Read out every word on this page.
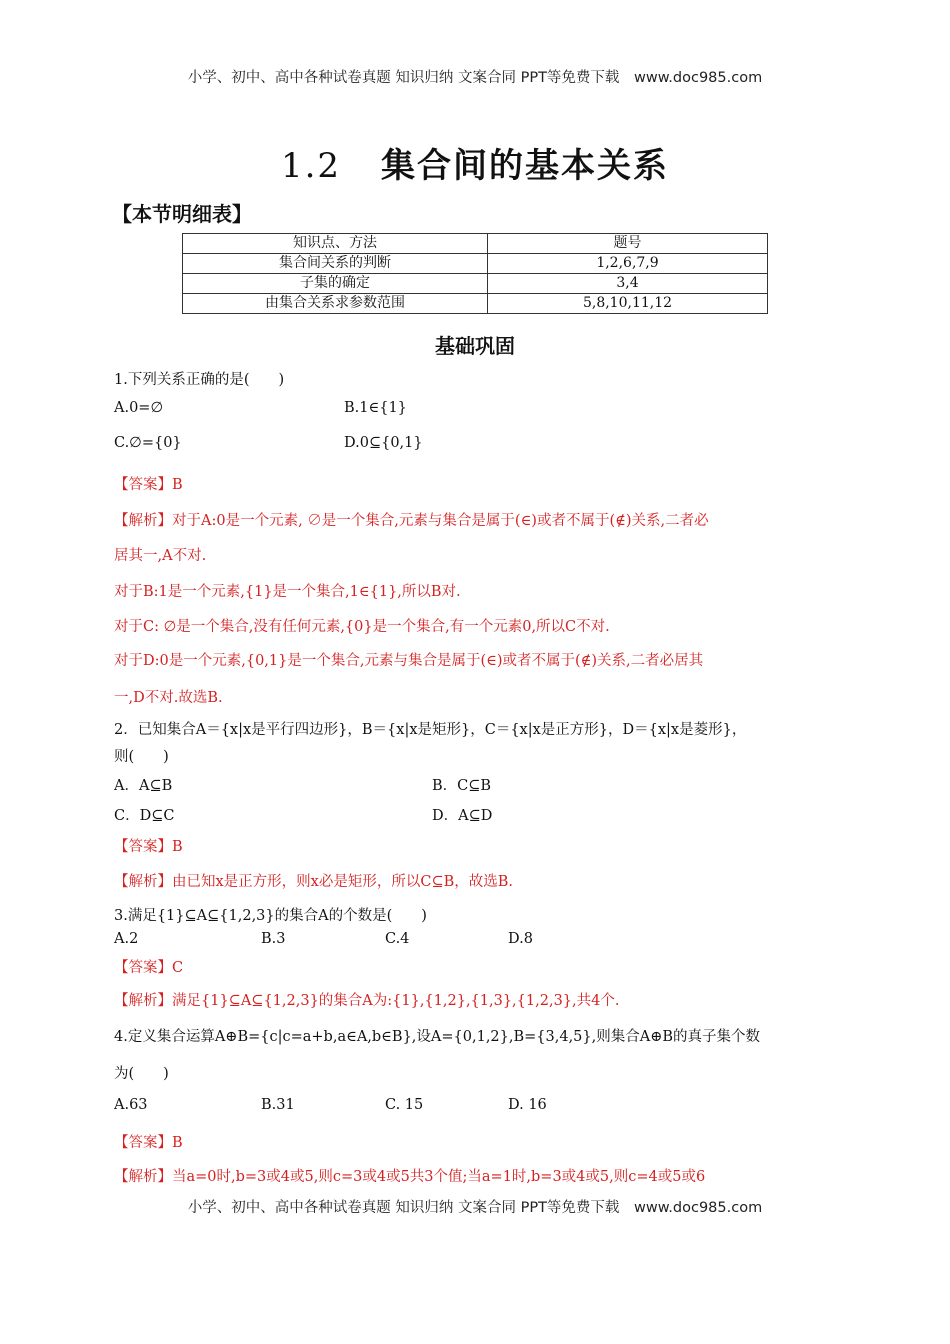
小学、初中、高中各种试卷真题 知识归纳 文案合同 PPT等免费下载 www.doc985.com
1.2 集合间的基本关系
【本节明细表】
知识点、方法	题号
集合间关系的判断	1,2,6,7,9
子集的确定	3,4
由集合关系求参数范围	5,8,10,11,12
基础巩固
1.下列关系正确的是(　　)
A.0=∅	B.1∈{1}
C.∅={0}	D.0⊆{0,1}
【答案】B
【解析】对于A:0是一个元素, ∅是一个集合,元素与集合是属于(∈)或者不属于(∉)关系,二者必
居其一,A不对.
对于B:1是一个元素,{1}是一个集合,1∈{1},所以B对.
对于C: ∅是一个集合,没有任何元素,{0}是一个集合,有一个元素0,所以C不对.
对于D:0是一个元素,{0,1}是一个集合,元素与集合是属于(∈)或者不属于(∉)关系,二者必居其
一,D不对.故选B.
2．已知集合A＝{x|x是平行四边形}，B＝{x|x是矩形}，C＝{x|x是正方形}，D＝{x|x是菱形}，
则(　　)
A．A⊆B	B．C⊆B
C．D⊆C	D．A⊆D
【答案】B
【解析】由已知x是正方形，则x必是矩形，所以C⊆B，故选B.
3.满足{1}⊆A⊆{1,2,3}的集合A的个数是(　　)
A.2	B.3	C.4	D.8
【答案】C
【解析】满足{1}⊆A⊆{1,2,3}的集合A为:{1},{1,2},{1,3},{1,2,3},共4个.
4.定义集合运算A⊕B={c|c=a+b,a∈A,b∈B},设A={0,1,2},B={3,4,5},则集合A⊕B的真子集个数
为(　　)
A.63	B.31	C. 15	D. 16
【答案】B
【解析】当a=0时,b=3或4或5,则c=3或4或5共3个值;当a=1时,b=3或4或5,则c=4或5或6
小学、初中、高中各种试卷真题 知识归纳 文案合同 PPT等免费下载 www.doc985.com
